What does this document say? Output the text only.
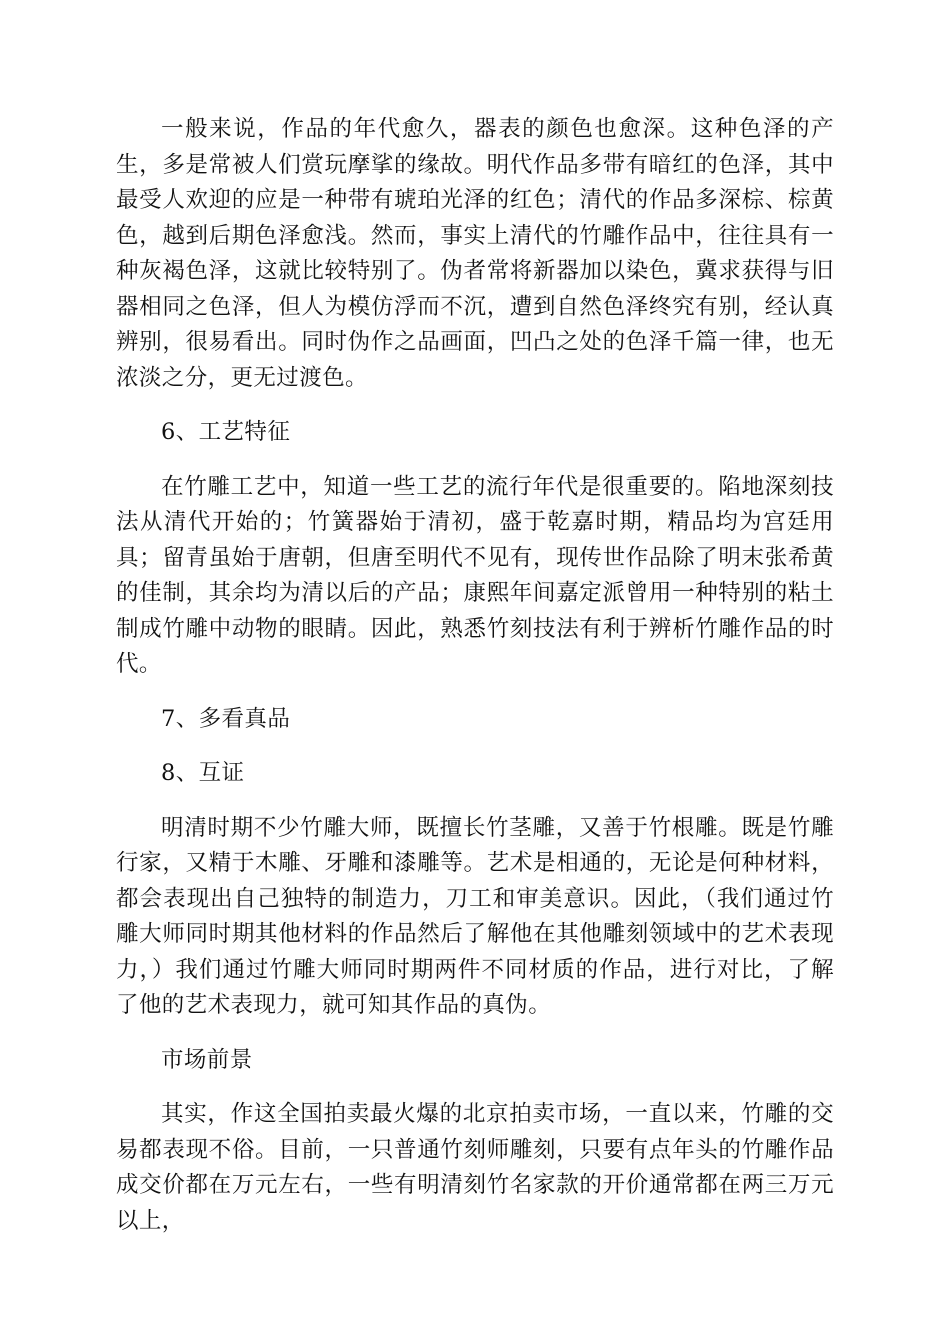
一般来说，作品的年代愈久，器表的颜色也愈深。这种色泽的产生，多是常被人们赏玩摩挲的缘故。明代作品多带有暗红的色泽，其中最受人欢迎的应是一种带有琥珀光泽的红色；清代的作品多深棕、棕黄色，越到后期色泽愈浅。然而，事实上清代的竹雕作品中，往往具有一种灰褐色泽，这就比较特别了。伪者常将新器加以染色，冀求获得与旧器相同之色泽，但人为模仿浮而不沉，遭到自然色泽终究有别，经认真辨别，很易看出。同时伪作之品画面，凹凸之处的色泽千篇一律，也无浓淡之分，更无过渡色。

6、工艺特征

在竹雕工艺中，知道一些工艺的流行年代是很重要的。陷地深刻技法从清代开始的；竹簧器始于清初，盛于乾嘉时期，精品均为宫廷用具；留青虽始于唐朝，但唐至明代不见有，现传世作品除了明末张希黄的佳制，其余均为清以后的产品；康熙年间嘉定派曾用一种特别的粘土制成竹雕中动物的眼睛。因此，熟悉竹刻技法有利于辨析竹雕作品的时代。

7、多看真品

8、互证

明清时期不少竹雕大师，既擅长竹茎雕，又善于竹根雕。既是竹雕行家，又精于木雕、牙雕和漆雕等。艺术是相通的，无论是何种材料，都会表现出自己独特的制造力，刀工和审美意识。因此，（我们通过竹雕大师同时期其他材料的作品然后了解他在其他雕刻领域中的艺术表现力，）我们通过竹雕大师同时期两件不同材质的作品，进行对比，了解了他的艺术表现力，就可知其作品的真伪。

市场前景

其实，作这全国拍卖最火爆的北京拍卖市场，一直以来，竹雕的交易都表现不俗。目前，一只普通竹刻师雕刻，只要有点年头的竹雕作品成交价都在万元左右，一些有明清刻竹名家款的开价通常都在两三万元以上，
